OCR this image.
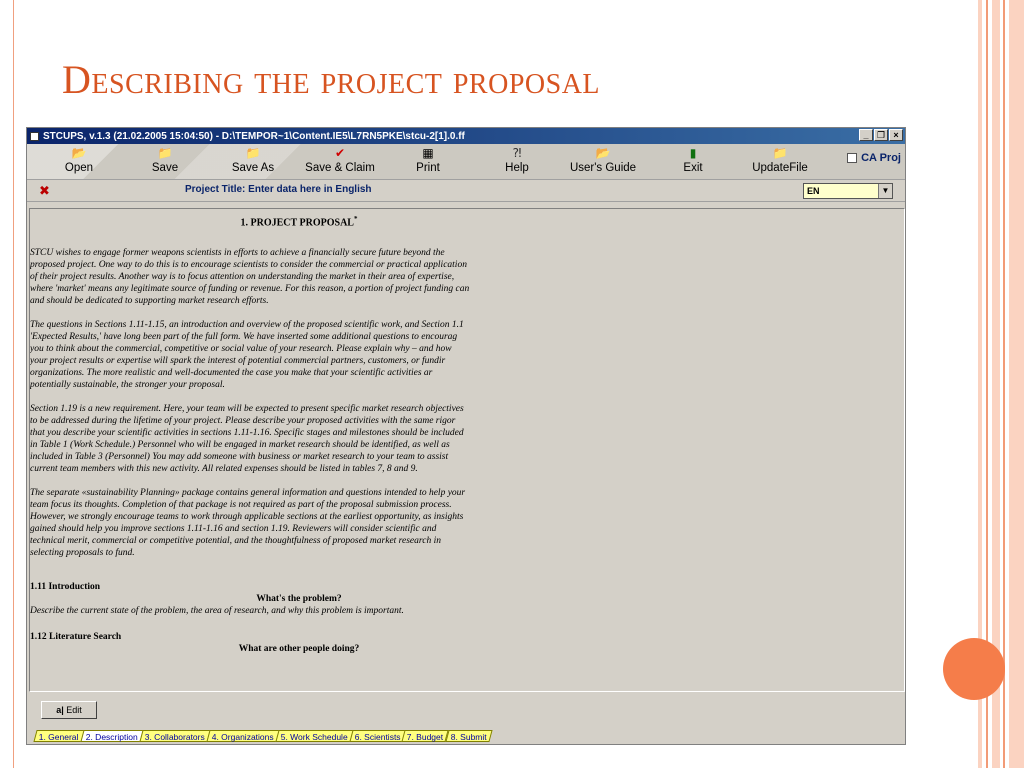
Describing the project proposal
STCUPS, v.1.3 (21.02.2005 15:04:50) - D:\TEMPOR~1\Content.IE5\L7RN5PKE\stcu-2[1].0.ff	_ ❐ ×
📂
Open
📁
Save
📁
Save As
✔
Save & Claim
▦
Print
⁈
Help
📂
User's Guide
▮
Exit
📁
UpdateFile
CA Proj
✖	Project Title: Enter data here in English	EN	▼
1. PROJECT PROPOSAL*

STCU wishes to engage former weapons scientists in efforts to achieve a financially secure future beyond the
proposed project. One way to do this is to encourage scientists to consider the commercial or practical application
of their project results. Another way is to focus attention on understanding the market in their area of expertise,
where 'market' means any legitimate source of funding or revenue. For this reason, a portion of project funding can
and should be dedicated to supporting market research efforts.

The questions in Sections 1.11-1.15, an introduction and overview of the proposed scientific work, and Section 1.1
'Expected Results,' have long been part of the full form. We have inserted some additional questions to encourag
you to think about the commercial, competitive or social value of your research. Please explain why – and how
your project results or expertise will spark the interest of potential commercial partners, customers, or fundir
organizations. The more realistic and well-documented the case you make that your scientific activities ar
potentially sustainable, the stronger your proposal.

Section 1.19 is a new requirement. Here, your team will be expected to present specific market research objectives
to be addressed during the lifetime of your project. Please describe your proposed activities with the same rigor
that you describe your scientific activities in sections 1.11-1.16. Specific stages and milestones should be included
in Table 1 (Work Schedule.) Personnel who will be engaged in market research should be identified, as well as
included in Table 3 (Personnel) You may add someone with business or market research to your team to assist
current team members with this new activity. All related expenses should be listed in tables 7, 8 and 9.

The separate «sustainability Planning» package contains general information and questions intended to help your
team focus its thoughts. Completion of that package is not required as part of the proposal submission process.
However, we strongly encourage teams to work through applicable sections at the earliest opportunity, as insights
gained should help you improve sections 1.11-1.16 and section 1.19. Reviewers will consider scientific and
technical merit, commercial or competitive potential, and the thoughtfulness of proposed market research in
selecting proposals to fund.

1.11 Introduction
What's the problem?
Describe the current state of the problem, the area of research, and why this problem is important.
1.12 Literature Search
What are other people doing?
a| Edit
1. General 2. Description 3. Collaborators 4. Organizations 5. Work Schedule 6. Scientists 7. Budget 8. Submit
